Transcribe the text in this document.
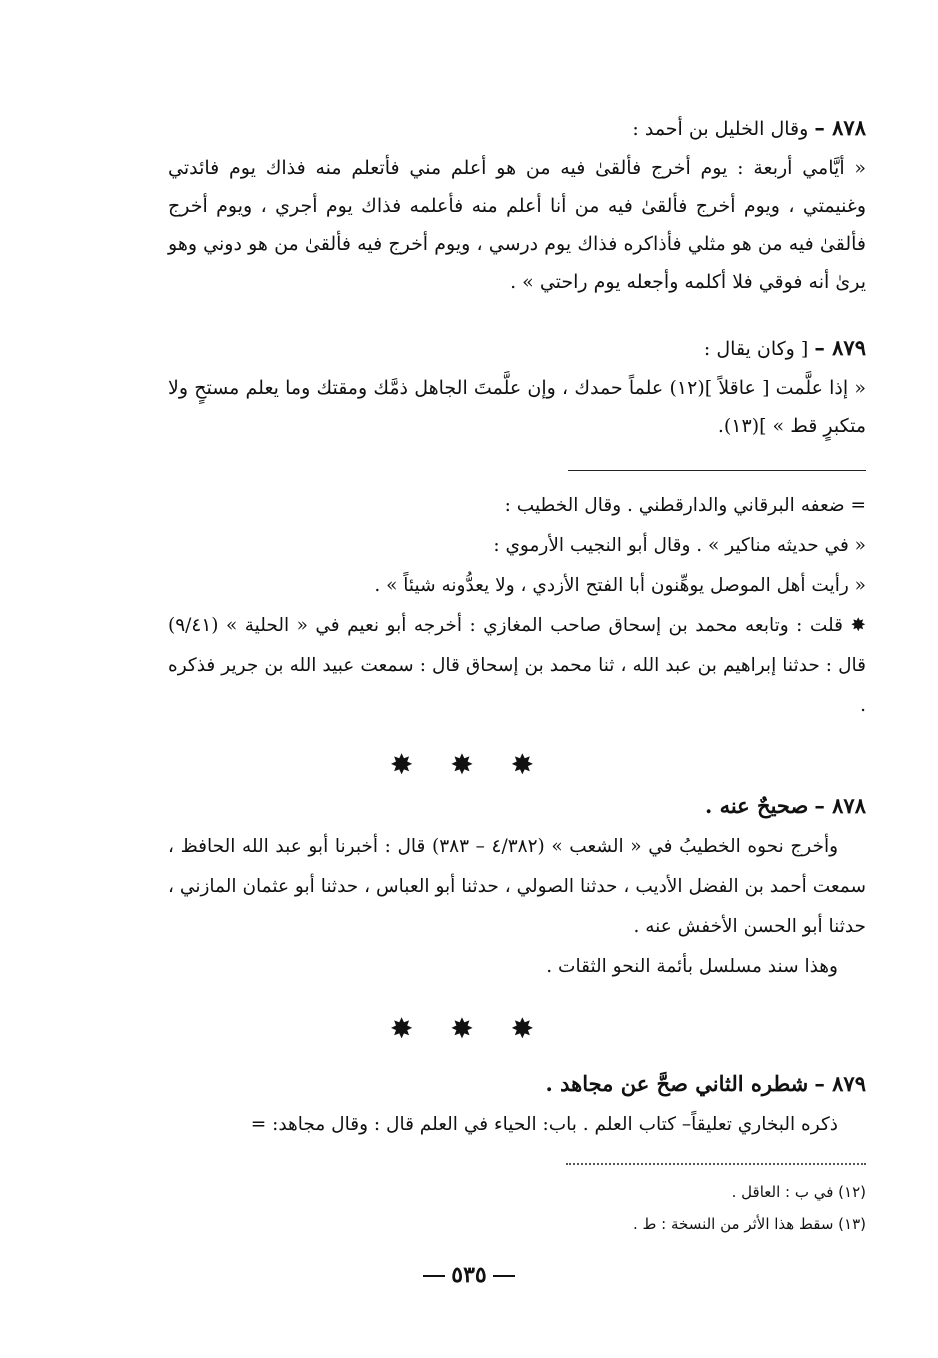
٨٧٨ – وقال الخليل بن أحمد :

« أيَّامي أربعة : يوم أخرج فألقىٰ فيه من هو أعلم مني فأتعلم منه فذاك يوم فائدتي وغنيمتي ، ويوم أخرج فألقىٰ فيه من أنا أعلم منه فأعلمه فذاك يوم أجري ، ويوم أخرج فألقىٰ فيه من هو مثلي فأذاكره فذاك يوم درسي ، ويوم أخرج فيه فألقىٰ من هو دوني وهو يرىٰ أنه فوقي فلا أكلمه وأجعله يوم راحتي » .

٨٧٩ – [ وكان يقال :

« إذا علَّمت [ عاقلاً ](١٢) علماً حمدك ، وإن علَّمتَ الجاهل ذمَّك ومقتك وما يعلم مستحٍ ولا متكبرٍ قط » ](١٣).

= ضعفه البرقاني والدارقطني . وقال الخطيب :

« في حديثه مناكير » . وقال أبو النجيب الأرموي :

« رأيت أهل الموصل يوهِّنون أبا الفتح الأزدي ، ولا يعدُّونه شيئاً » .

✸ قلت : وتابعه محمد بن إسحاق صاحب المغازي : أخرجه أبو نعيم في « الحلية » (٩/٤١) قال : حدثنا إبراهيم بن عبد الله ، ثنا محمد بن إسحاق قال : سمعت عبيد الله بن جرير فذكره .

✸ ✸ ✸

٨٧٨ – صحيحٌ عنه .

وأخرج نحوه الخطيبُ في « الشعب » (٤/٣٨٢ – ٣٨٣) قال : أخبرنا أبو عبد الله الحافظ ، سمعت أحمد بن الفضل الأديب ، حدثنا الصولي ، حدثنا أبو العباس ، حدثنا أبو عثمان المازني ، حدثنا أبو الحسن الأخفش عنه .

وهذا سند مسلسل بأئمة النحو الثقات .

✸ ✸ ✸

٨٧٩ – شطره الثاني صحَّ عن مجاهد .

ذكره البخاري تعليقاً– كتاب العلم . باب: الحياء في العلم قال : وقال مجاهد: =

(١٢) في ب : العاقل .

(١٣) سقط هذا الأثر من النسخة : ط .

٥٣٥
